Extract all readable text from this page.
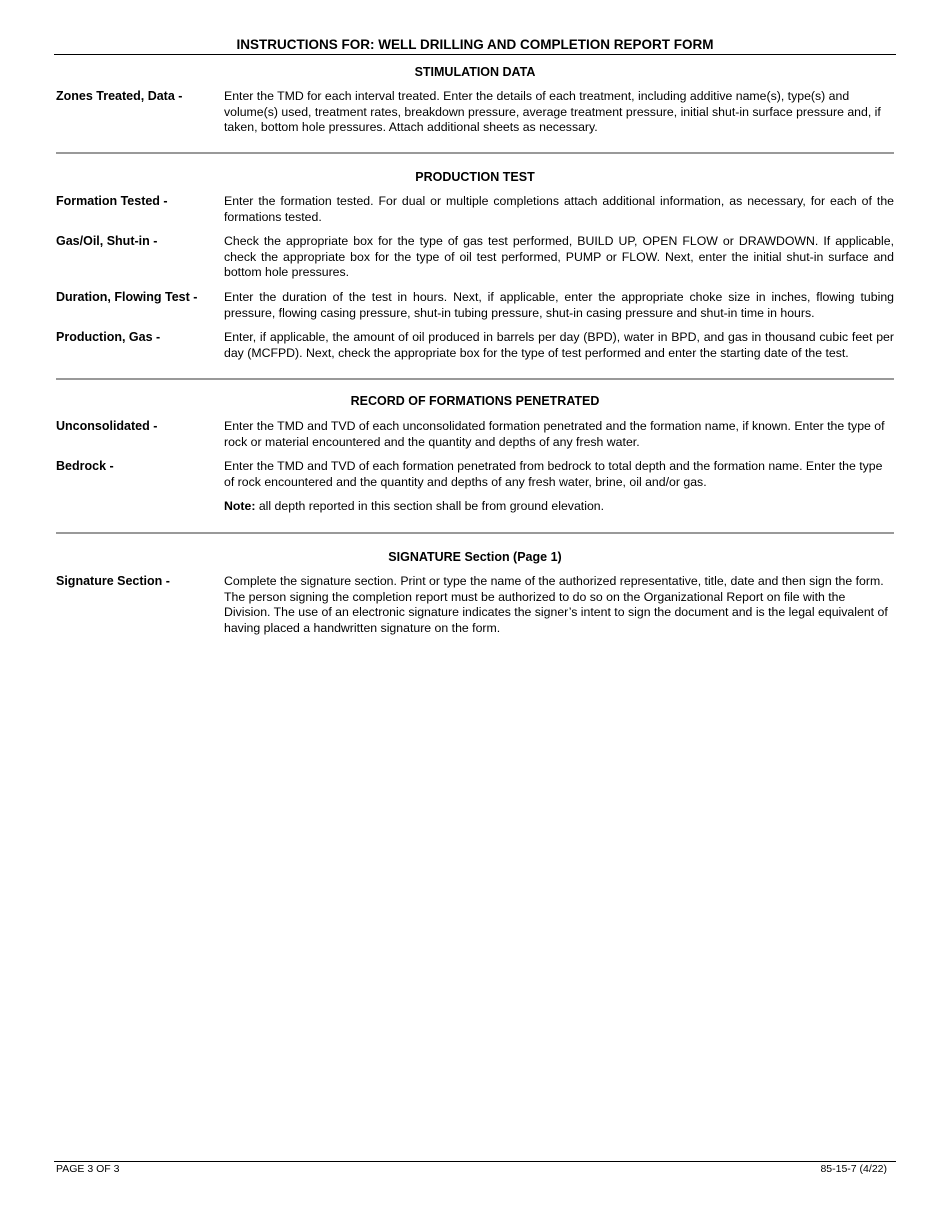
INSTRUCTIONS FOR: WELL DRILLING AND COMPLETION REPORT FORM
STIMULATION DATA
Zones Treated, Data -	Enter the TMD for each interval treated. Enter the details of each treatment, including additive name(s), type(s) and volume(s) used, treatment rates, breakdown pressure, average treatment pressure, initial shut-in surface pressure and, if taken, bottom hole pressures. Attach additional sheets as necessary.
PRODUCTION TEST
Formation Tested -	Enter the formation tested. For dual or multiple completions attach additional information, as necessary, for each of the formations tested.
Gas/Oil, Shut-in -	Check the appropriate box for the type of gas test performed, BUILD UP, OPEN FLOW or DRAWDOWN. If applicable, check the appropriate box for the type of oil test performed, PUMP or FLOW. Next, enter the initial shut-in surface and bottom hole pressures.
Duration, Flowing Test -	Enter the duration of the test in hours. Next, if applicable, enter the appropriate choke size in inches, flowing tubing pressure, flowing casing pressure, shut-in tubing pressure, shut-in casing pressure and shut-in time in hours.
Production, Gas -	Enter, if applicable, the amount of oil produced in barrels per day (BPD), water in BPD, and gas in thousand cubic feet per day (MCFPD). Next, check the appropriate box for the type of test performed and enter the starting date of the test.
RECORD OF FORMATIONS PENETRATED
Unconsolidated -	Enter the TMD and TVD of each unconsolidated formation penetrated and the formation name, if known. Enter the type of rock or material encountered and the quantity and depths of any fresh water.
Bedrock -	Enter the TMD and TVD of each formation penetrated from bedrock to total depth and the formation name. Enter the type of rock encountered and the quantity and depths of any fresh water, brine, oil and/or gas.
Note: all depth reported in this section shall be from ground elevation.
SIGNATURE Section (Page 1)
Signature Section -	Complete the signature section. Print or type the name of the authorized representative, title, date and then sign the form. The person signing the completion report must be authorized to do so on the Organizational Report on file with the Division. The use of an electronic signature indicates the signer’s intent to sign the document and is the legal equivalent of having placed a handwritten signature on the form.
PAGE 3 OF 3	85-15-7 (4/22)
